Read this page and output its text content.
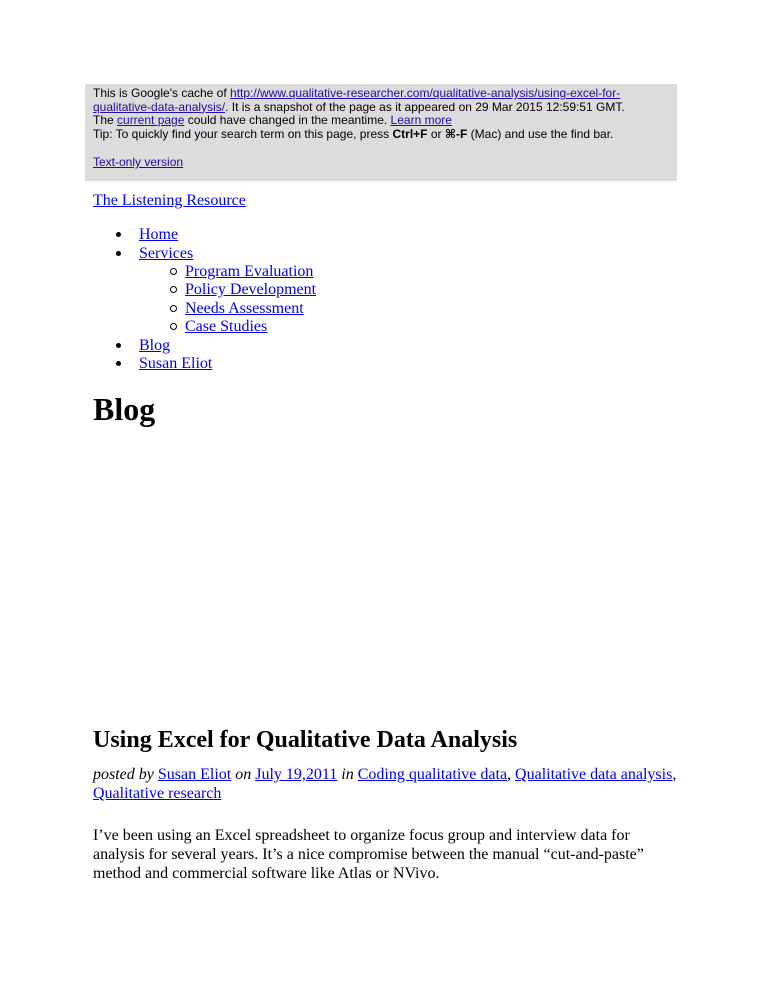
This is Google's cache of http://www.qualitative-researcher.com/qualitative-analysis/using-excel-for-qualitative-data-analysis/. It is a snapshot of the page as it appeared on 29 Mar 2015 12:59:51 GMT.
The current page could have changed in the meantime. Learn more

Tip: To quickly find your search term on this page, press Ctrl+F or ⌘-F (Mac) and use the find bar.

Text-only version
The Listening Resource
Home
Services
Program Evaluation
Policy Development
Needs Assessment
Case Studies
Blog
Susan Eliot
Blog
Using Excel for Qualitative Data Analysis
posted by Susan Eliot on July 19,2011 in Coding qualitative data, Qualitative data analysis, Qualitative research

I’ve been using an Excel spreadsheet to organize focus group and interview data for analysis for several years. It’s a nice compromise between the manual “cut-and-paste” method and commercial software like Atlas or NVivo.
